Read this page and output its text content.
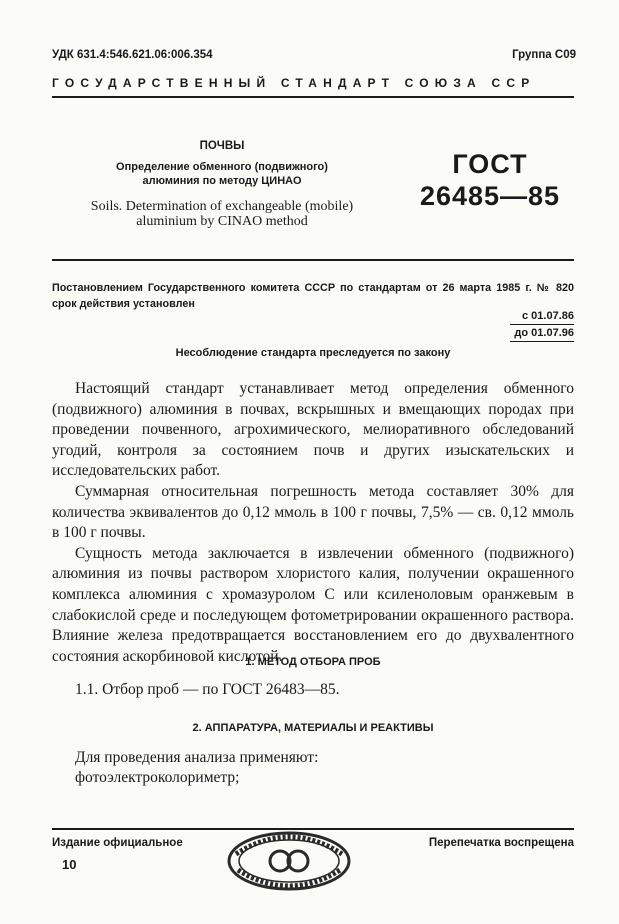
УДК 631.4:546.621.06:006.354	Группа С09
ГОСУДАРСТВЕННЫЙ СТАНДАРТ СОЮЗА ССР
ПОЧВЫ
Определение обменного (подвижного)
алюминия по методу ЦИНАО
Soils. Determination of exchangeable (mobile)
aluminium by CINAO method
ГОСТ
26485—85
Постановлением Государственного комитета СССР по стандартам от 26 марта 1985 г. № 820 срок действия установлен
с 01.07.86
до 01.07.96
Несоблюдение стандарта преследуется по закону

Настоящий стандарт устанавливает метод определения обменного (подвижного) алюминия в почвах, вскрышных и вмещающих породах при проведении почвенного, агрохимического, мелиоративного обследований угодий, контроля за состоянием почв и других изыскательских и исследовательских работ.

Суммарная относительная погрешность метода составляет 30% для количества эквивалентов до 0,12 ммоль в 100 г почвы, 7,5% — св. 0,12 ммоль в 100 г почвы.

Сущность метода заключается в извлечении обменного (подвижного) алюминия из почвы раствором хлористого калия, получении окрашенного комплекса алюминия с хромазуролом С или ксиленоловым оранжевым в слабокислой среде и последующем фотометрировании окрашенного раствора. Влияние железа предотвращается восстановлением его до двухвалентного состояния аскорбиновой кислотой.

1. МЕТОД ОТБОРА ПРОБ
1.1. Отбор проб — по ГОСТ 26483—85.
2. АППАРАТУРА, МАТЕРИАЛЫ И РЕАКТИВЫ
Для проведения анализа применяют:
фотоэлектроколориметр;
Издание официальное	Перепечатка воспрещена
10
